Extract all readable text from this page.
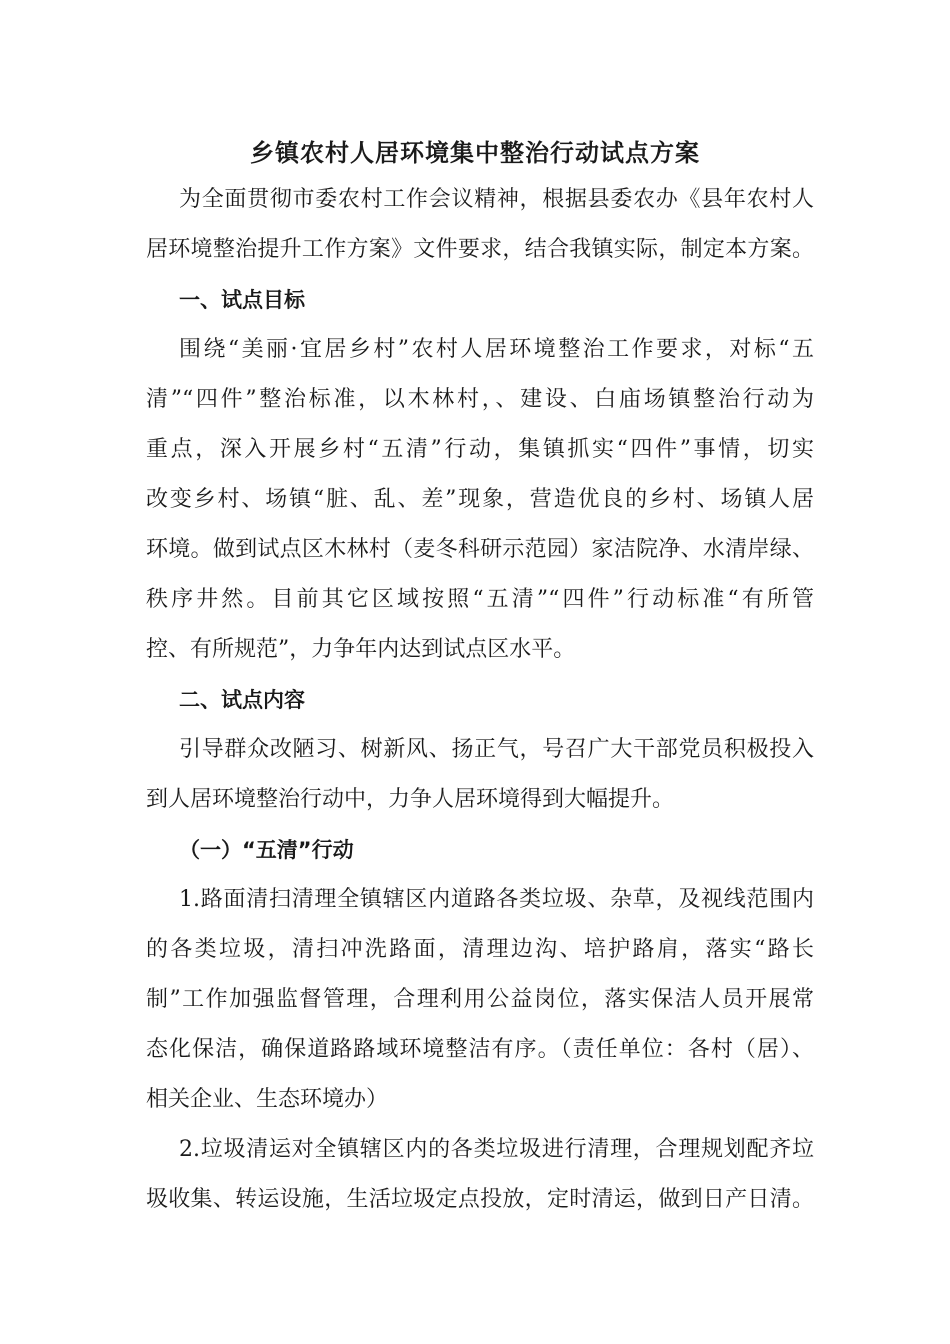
乡镇农村人居环境集中整治行动试点方案
为全面贯彻市委农村工作会议精神，根据县委农办《县年农村人
居环境整治提升工作方案》文件要求，结合我镇实际，制定本方案。
一、试点目标
围绕“美丽·宜居乡村”农村人居环境整治工作要求，对标“五
清”“四件”整治标准，以木林村，、建设、白庙场镇整治行动为
重点，深入开展乡村“五清”行动，集镇抓实“四件”事情，切实
改变乡村、场镇“脏、乱、差”现象，营造优良的乡村、场镇人居
环境。做到试点区木林村（麦冬科研示范园）家洁院净、水清岸绿、
秩序井然。目前其它区域按照“五清”“四件”行动标准“有所管
控、有所规范”，力争年内达到试点区水平。
二、试点内容
引导群众改陋习、树新风、扬正气，号召广大干部党员积极投入
到人居环境整治行动中，力争人居环境得到大幅提升。
（一）“五清”行动
1.路面清扫清理全镇辖区内道路各类垃圾、杂草，及视线范围内
的各类垃圾，清扫冲洗路面，清理边沟、培护路肩，落实“路长
制”工作加强监督管理，合理利用公益岗位，落实保洁人员开展常
态化保洁，确保道路路域环境整洁有序。（责任单位：各村（居）、
相关企业、生态环境办）
2.垃圾清运对全镇辖区内的各类垃圾进行清理，合理规划配齐垃
圾收集、转运设施，生活垃圾定点投放，定时清运，做到日产日清。
